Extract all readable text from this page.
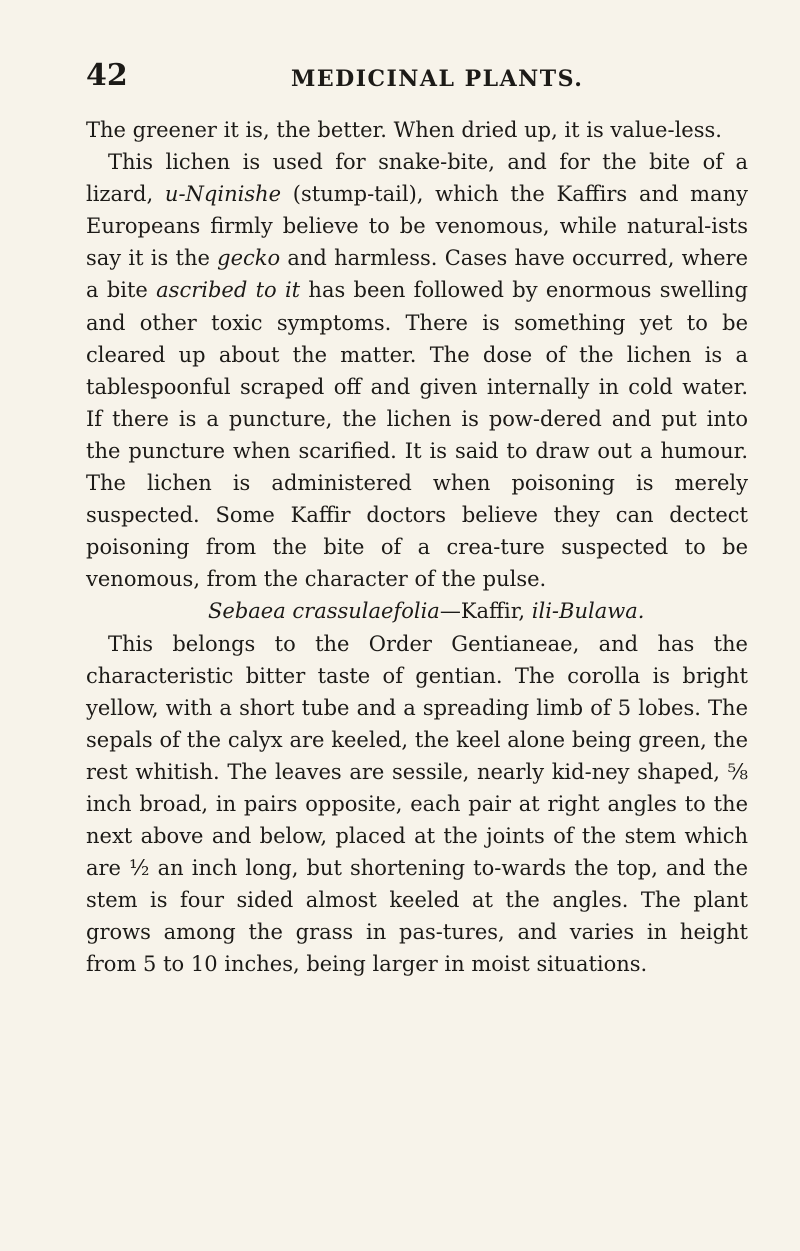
42	MEDICINAL PLANTS.

The greener it is, the better. When dried up, it is value-less.

This lichen is used for snake-bite, and for the bite of a lizard, u-Nqinishe (stump-tail), which the Kaffirs and many Europeans firmly believe to be venomous, while natural-ists say it is the gecko and harmless. Cases have occurred, where a bite ascribed to it has been followed by enormous swelling and other toxic symptoms. There is something yet to be cleared up about the matter. The dose of the lichen is a tablespoonful scraped off and given internally in cold water. If there is a puncture, the lichen is pow-dered and put into the puncture when scarified. It is said to draw out a humour. The lichen is administered when poisoning is merely suspected. Some Kaffir doctors believe they can dectect poisoning from the bite of a crea-ture suspected to be venomous, from the character of the pulse.

Sebaea crassulaefolia—Kaffir, ili-Bulawa.

This belongs to the Order Gentianeae, and has the characteristic bitter taste of gentian. The corolla is bright yellow, with a short tube and a spreading limb of 5 lobes. The sepals of the calyx are keeled, the keel alone being green, the rest whitish. The leaves are sessile, nearly kid-ney shaped, ⅝ inch broad, in pairs opposite, each pair at right angles to the next above and below, placed at the joints of the stem which are ½ an inch long, but shortening to-wards the top, and the stem is four sided almost keeled at the angles. The plant grows among the grass in pas-tures, and varies in height from 5 to 10 inches, being larger in moist situations.
